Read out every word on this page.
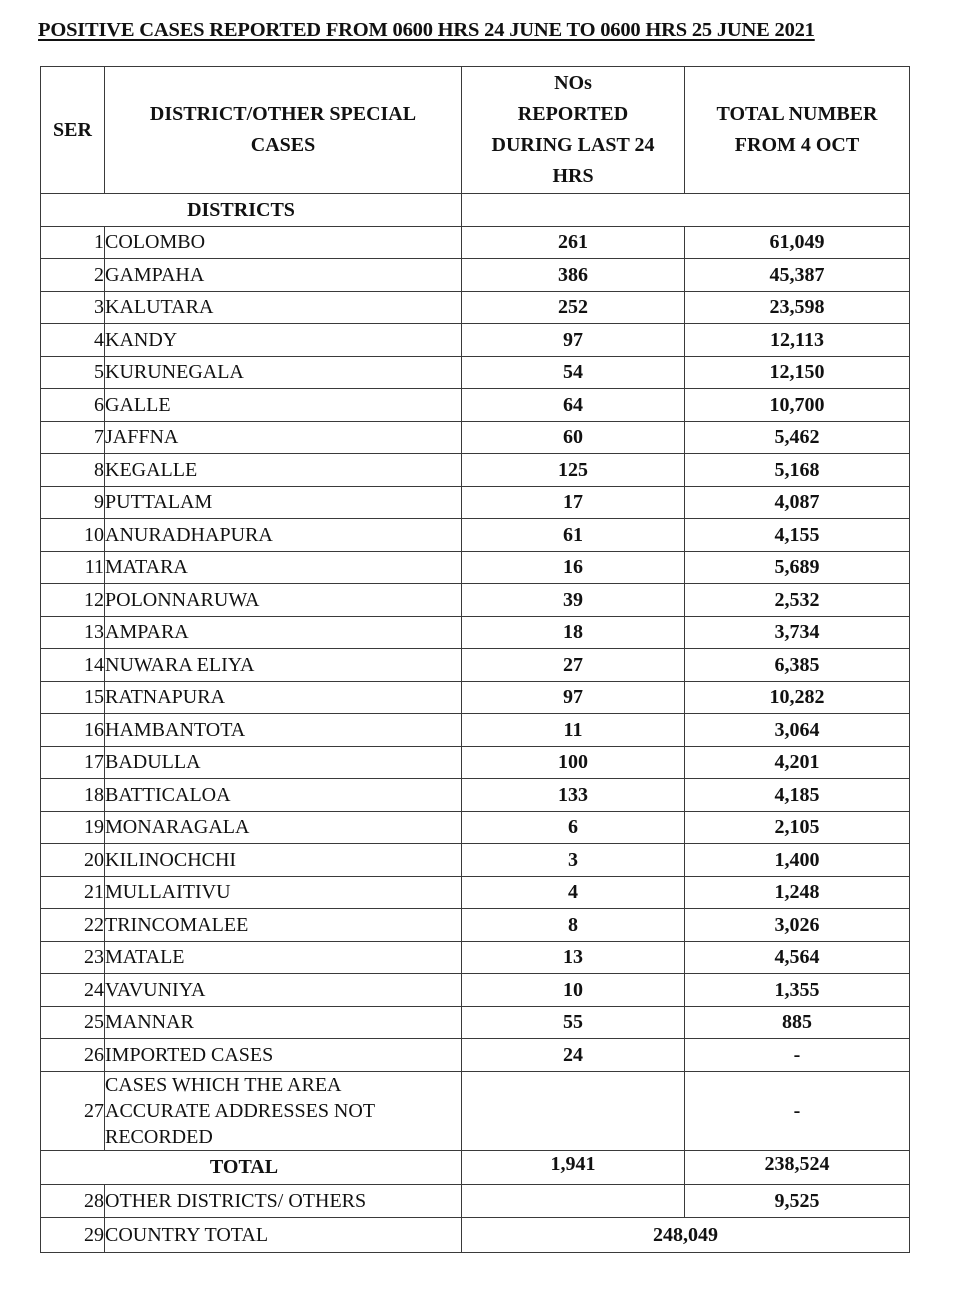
POSITIVE CASES REPORTED FROM 0600 HRS 24 JUNE TO 0600 HRS 25 JUNE 2021
SER	DISTRICT/OTHER SPECIAL CASES	NOs
REPORTED
DURING LAST 24
HRS	TOTAL NUMBER FROM 4 OCT
DISTRICTS			
1	COLOMBO	261	61,049
2	GAMPAHA	386	45,387
3	KALUTARA	252	23,598
4	KANDY	97	12,113
5	KURUNEGALA	54	12,150
6	GALLE	64	10,700
7	JAFFNA	60	5,462
8	KEGALLE	125	5,168
9	PUTTALAM	17	4,087
10	ANURADHAPURA	61	4,155
11	MATARA	16	5,689
12	POLONNARUWA	39	2,532
13	AMPARA	18	3,734
14	NUWARA ELIYA	27	6,385
15	RATNAPURA	97	10,282
16	HAMBANTOTA	11	3,064
17	BADULLA	100	4,201
18	BATTICALOA	133	4,185
19	MONARAGALA	6	2,105
20	KILINOCHCHI	3	1,400
21	MULLAITIVU	4	1,248
22	TRINCOMALEE	8	3,026
23	MATALE	13	4,564
24	VAVUNIYA	10	1,355
25	MANNAR	55	885
26	IMPORTED CASES	24	-
27	CASES WHICH THE AREA
ACCURATE ADDRESSES NOT
RECORDED		-
TOTAL		1,941	238,524
28	OTHER DISTRICTS/ OTHERS		9,525
29	COUNTRY TOTAL	248,049	
